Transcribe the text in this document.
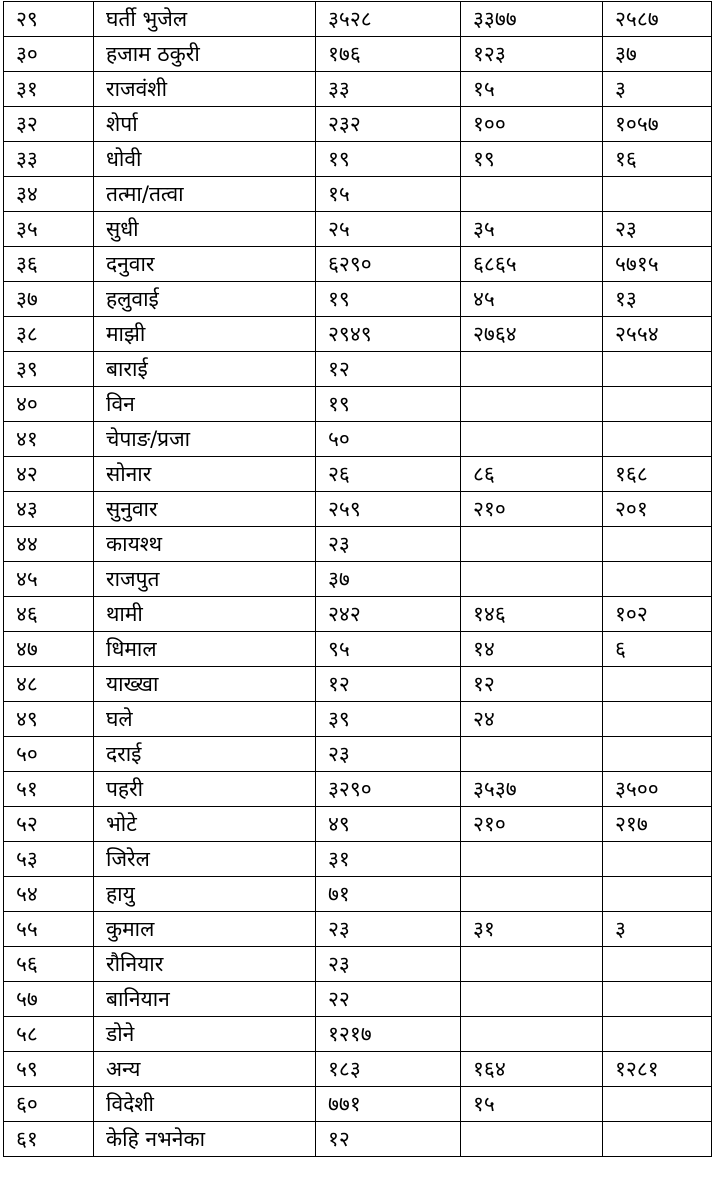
२९	घर्ती भुजेल	३५२८	३३७७	२५८७
३०	हजाम ठकुरी	१७६	१२३	३७
३१	राजवंशी	३३	१५	३
३२	शेर्पा	२३२	१००	१०५७
३३	धोवी	१९	१९	१६
३४	तत्मा/तत्वा	१५		
३५	सुधी	२५	३५	२३
३६	दनुवार	६२९०	६८६५	५७१५
३७	हलुवाई	१९	४५	१३
३८	माझी	२९४९	२७६४	२५५४
३९	बाराई	१२		
४०	विन	१९		
४१	चेपाङ/प्रजा	५०		
४२	सोनार	२६	८६	१६८
४३	सुनुवार	२५९	२१०	२०१
४४	कायश्थ	२३		
४५	राजपुत	३७		
४६	थामी	२४२	१४६	१०२
४७	धिमाल	९५	१४	६
४८	याख्खा	१२	१२	
४९	घले	३९	२४	
५०	दराई	२३		
५१	पहरी	३२९०	३५३७	३५००
५२	भोटे	४९	२१०	२१७
५३	जिरेल	३१		
५४	हायु	७१		
५५	कुमाल	२३	३१	३
५६	रौनियार	२३		
५७	बानियान	२२		
५८	डोने	१२१७		
५९	अन्य	१८३	१६४	१२८१
६०	विदेशी	७७१	१५	
६१	केहि नभनेका	१२		
